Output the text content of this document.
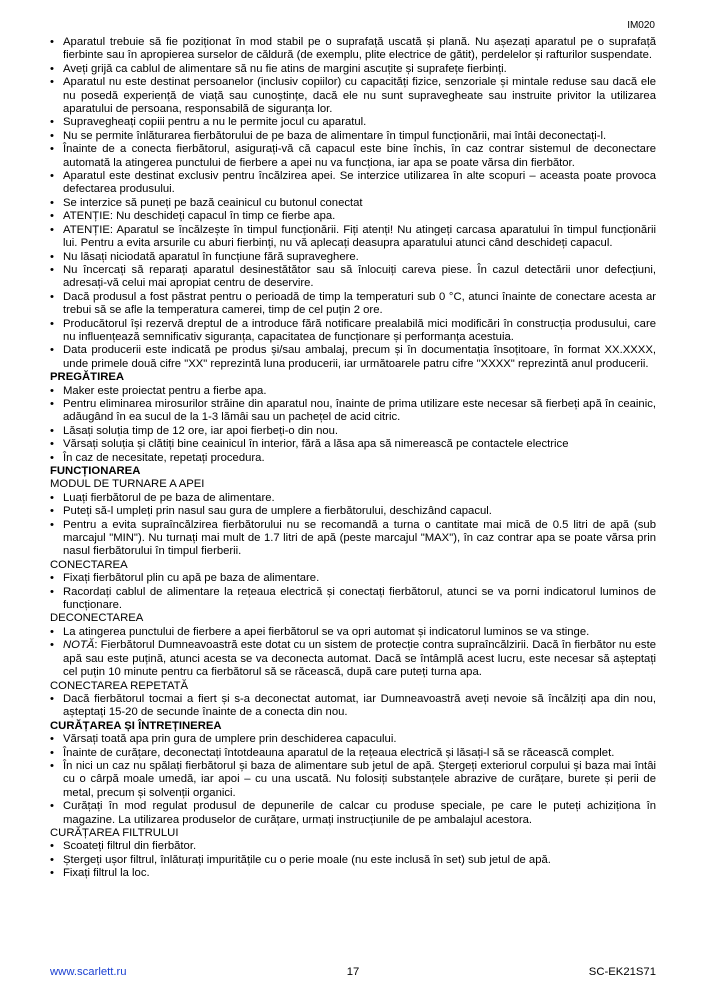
IM020
• Aparatul trebuie să fie poziționat în mod stabil pe o suprafață uscată și plană. Nu așezați aparatul pe o suprafață fierbinte sau în apropierea surselor de căldură (de exemplu, plite electrice de gătit), perdelelor și rafturilor suspendate.
• Aveți grijă ca cablul de alimentare să nu fie atins de margini ascuțite și suprafețe fierbinți.
• Aparatul nu este destinat persoanelor (inclusiv copiilor) cu capacități fizice, senzoriale și mintale reduse sau dacă ele nu posedă experiență de viață sau cunoștințe, dacă ele nu sunt supravegheate sau instruite privitor la utilizarea aparatului de persoana, responsabilă de siguranța lor.
• Supravegheați copiii pentru a nu le permite jocul cu aparatul.
• Nu se permite înlăturarea fierbătorului de pe baza de alimentare în timpul funcționării, mai întâi deconectați-l.
• Înainte de a conecta fierbătorul, asigurați-vă că capacul este bine închis, în caz contrar sistemul de deconectare automată la atingerea punctului de fierbere a apei nu va funcționa, iar apa se poate vărsa din fierbător.
• Aparatul este destinat exclusiv pentru încălzirea apei. Se interzice utilizarea în alte scopuri – aceasta poate provoca defectarea produsului.
• Se interzice să puneți pe bază ceainicul cu butonul conectat
• ATENȚIE: Nu deschideți capacul în timp ce fierbe apa.
• ATENȚIE: Aparatul se încălzește în timpul funcționării. Fiți atenți! Nu atingeți carcasa aparatului în timpul funcționării lui. Pentru a evita arsurile cu aburi fierbinți, nu vă aplecați deasupra aparatului atunci când deschideți capacul.
• Nu lăsați niciodată aparatul în funcțiune fără supraveghere.
• Nu încercați să reparați aparatul desinestătător sau să înlocuiți careva piese. În cazul detectării unor defecțiuni, adresați-vă celui mai apropiat centru de deservire.
• Dacă produsul a fost păstrat pentru o perioadă de timp la temperaturi sub 0 °C, atunci înainte de conectare acesta ar trebui să se afle la temperatura camerei, timp de cel puțin 2 ore.
• Producătorul își rezervă dreptul de a introduce fără notificare prealabilă mici modificări în construcția produsului, care nu influențează semnificativ siguranța, capacitatea de funcționare și performanța acestuia.
• Data producerii este indicată pe produs și/sau ambalaj, precum și în documentația însoțitoare, în format XX.XXXX, unde primele două cifre "XX" reprezintă luna producerii, iar următoarele patru cifre "XXXX" reprezintă anul producerii.
PREGĂTIREA
• Maker este proiectat pentru a fierbe apa.
• Pentru eliminarea mirosurilor străine din aparatul nou, înainte de prima utilizare este necesar să fierbeți apă în ceainic, adăugând în ea sucul de la 1-3 lămâi sau un pachețel de acid citric.
• Lăsați soluția timp de 12 ore, iar apoi fierbeți-o din nou.
• Vărsați soluția și clătiți bine ceainicul în interior, fără a lăsa apa să nimerească pe contactele electrice
• În caz de necesitate, repetați procedura.
FUNCȚIONAREA
MODUL DE TURNARE A APEI
• Luați fierbătorul de pe baza de alimentare.
• Puteți să-l umpleți prin nasul sau gura de umplere a fierbătorului, deschizând capacul.
• Pentru a evita supraîncălzirea fierbătorului nu se recomandă a turna o cantitate mai mică de 0.5 litri de apă (sub marcajul "MIN"). Nu turnați mai mult de 1.7 litri de apă (peste marcajul "MAX"), în caz contrar apa se poate vărsa prin nasul fierbătorului în timpul fierberii.
CONECTAREA
• Fixați fierbătorul plin cu apă pe baza de alimentare.
• Racordați cablul de alimentare la rețeaua electrică și conectați fierbătorul, atunci se va porni indicatorul luminos de funcționare.
DECONECTAREA
• La atingerea punctului de fierbere a apei fierbătorul se va opri automat și indicatorul luminos se va stinge.
• NOTĂ: Fierbătorul Dumneavoastră este dotat cu un sistem de protecție contra supraîncălzirii. Dacă în fierbător nu este apă sau este puțină, atunci acesta se va deconecta automat. Dacă se întâmplă acest lucru, este necesar să așteptați cel puțin 10 minute pentru ca fierbătorul să se răcească, după care puteți turna apa.
CONECTAREA REPETATĂ
• Dacă fierbătorul tocmai a fiert și s-a deconectat automat, iar Dumneavoastră aveți nevoie să încălziți apa din nou, așteptați 15-20 de secunde înainte de a conecta din nou.
CURĂȚAREA ȘI ÎNTREȚINEREA
• Vărsați toată apa prin gura de umplere prin deschiderea capacului.
• Înainte de curățare, deconectați întotdeauna aparatul de la rețeaua electrică și lăsați-l să se răcească complet.
• În nici un caz nu spălați fierbătorul și baza de alimentare sub jetul de apă. Ștergeți exteriorul corpului și baza mai întâi cu o cârpă moale umedă, iar apoi – cu una uscată. Nu folosiți substanțele abrazive de curățare, burete și perii de metal, precum și solvenții organici.
• Curățați în mod regulat produsul de depunerile de calcar cu produse speciale, pe care le puteți achiziționa în magazine. La utilizarea produselor de curățare, urmați instrucțiunile de pe ambalajul acestora.
CURĂȚAREA FILTRULUI
• Scoateți filtrul din fierbător.
• Ștergeți ușor filtrul, înlăturați impuritățile cu o perie moale (nu este inclusă în set) sub jetul de apă.
• Fixați filtrul la loc.
www.scarlett.ru	17	SC-EK21S71
